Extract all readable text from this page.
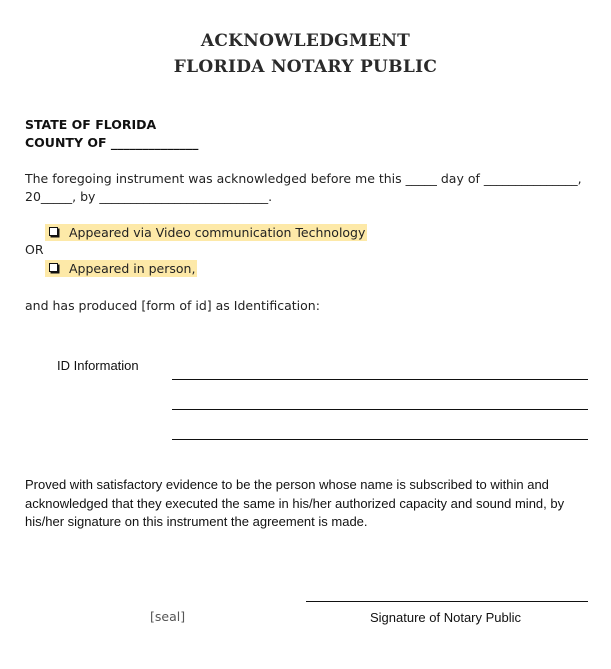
ACKNOWLEDGMENT
FLORIDA NOTARY PUBLIC
STATE OF FLORIDA
COUNTY OF ______________
The foregoing instrument was acknowledged before me this _____ day of _______________,
20_____, by ___________________________.
Appeared via Video communication Technology
OR
Appeared in person,
and has produced [form of id] as Identification:
ID Information
Proved with satisfactory evidence to be the person whose name is subscribed to within and
acknowledged that they executed the same in his/her authorized capacity and sound mind, by
his/her signature on this instrument the agreement is made.
[seal]	Signature of Notary Public
